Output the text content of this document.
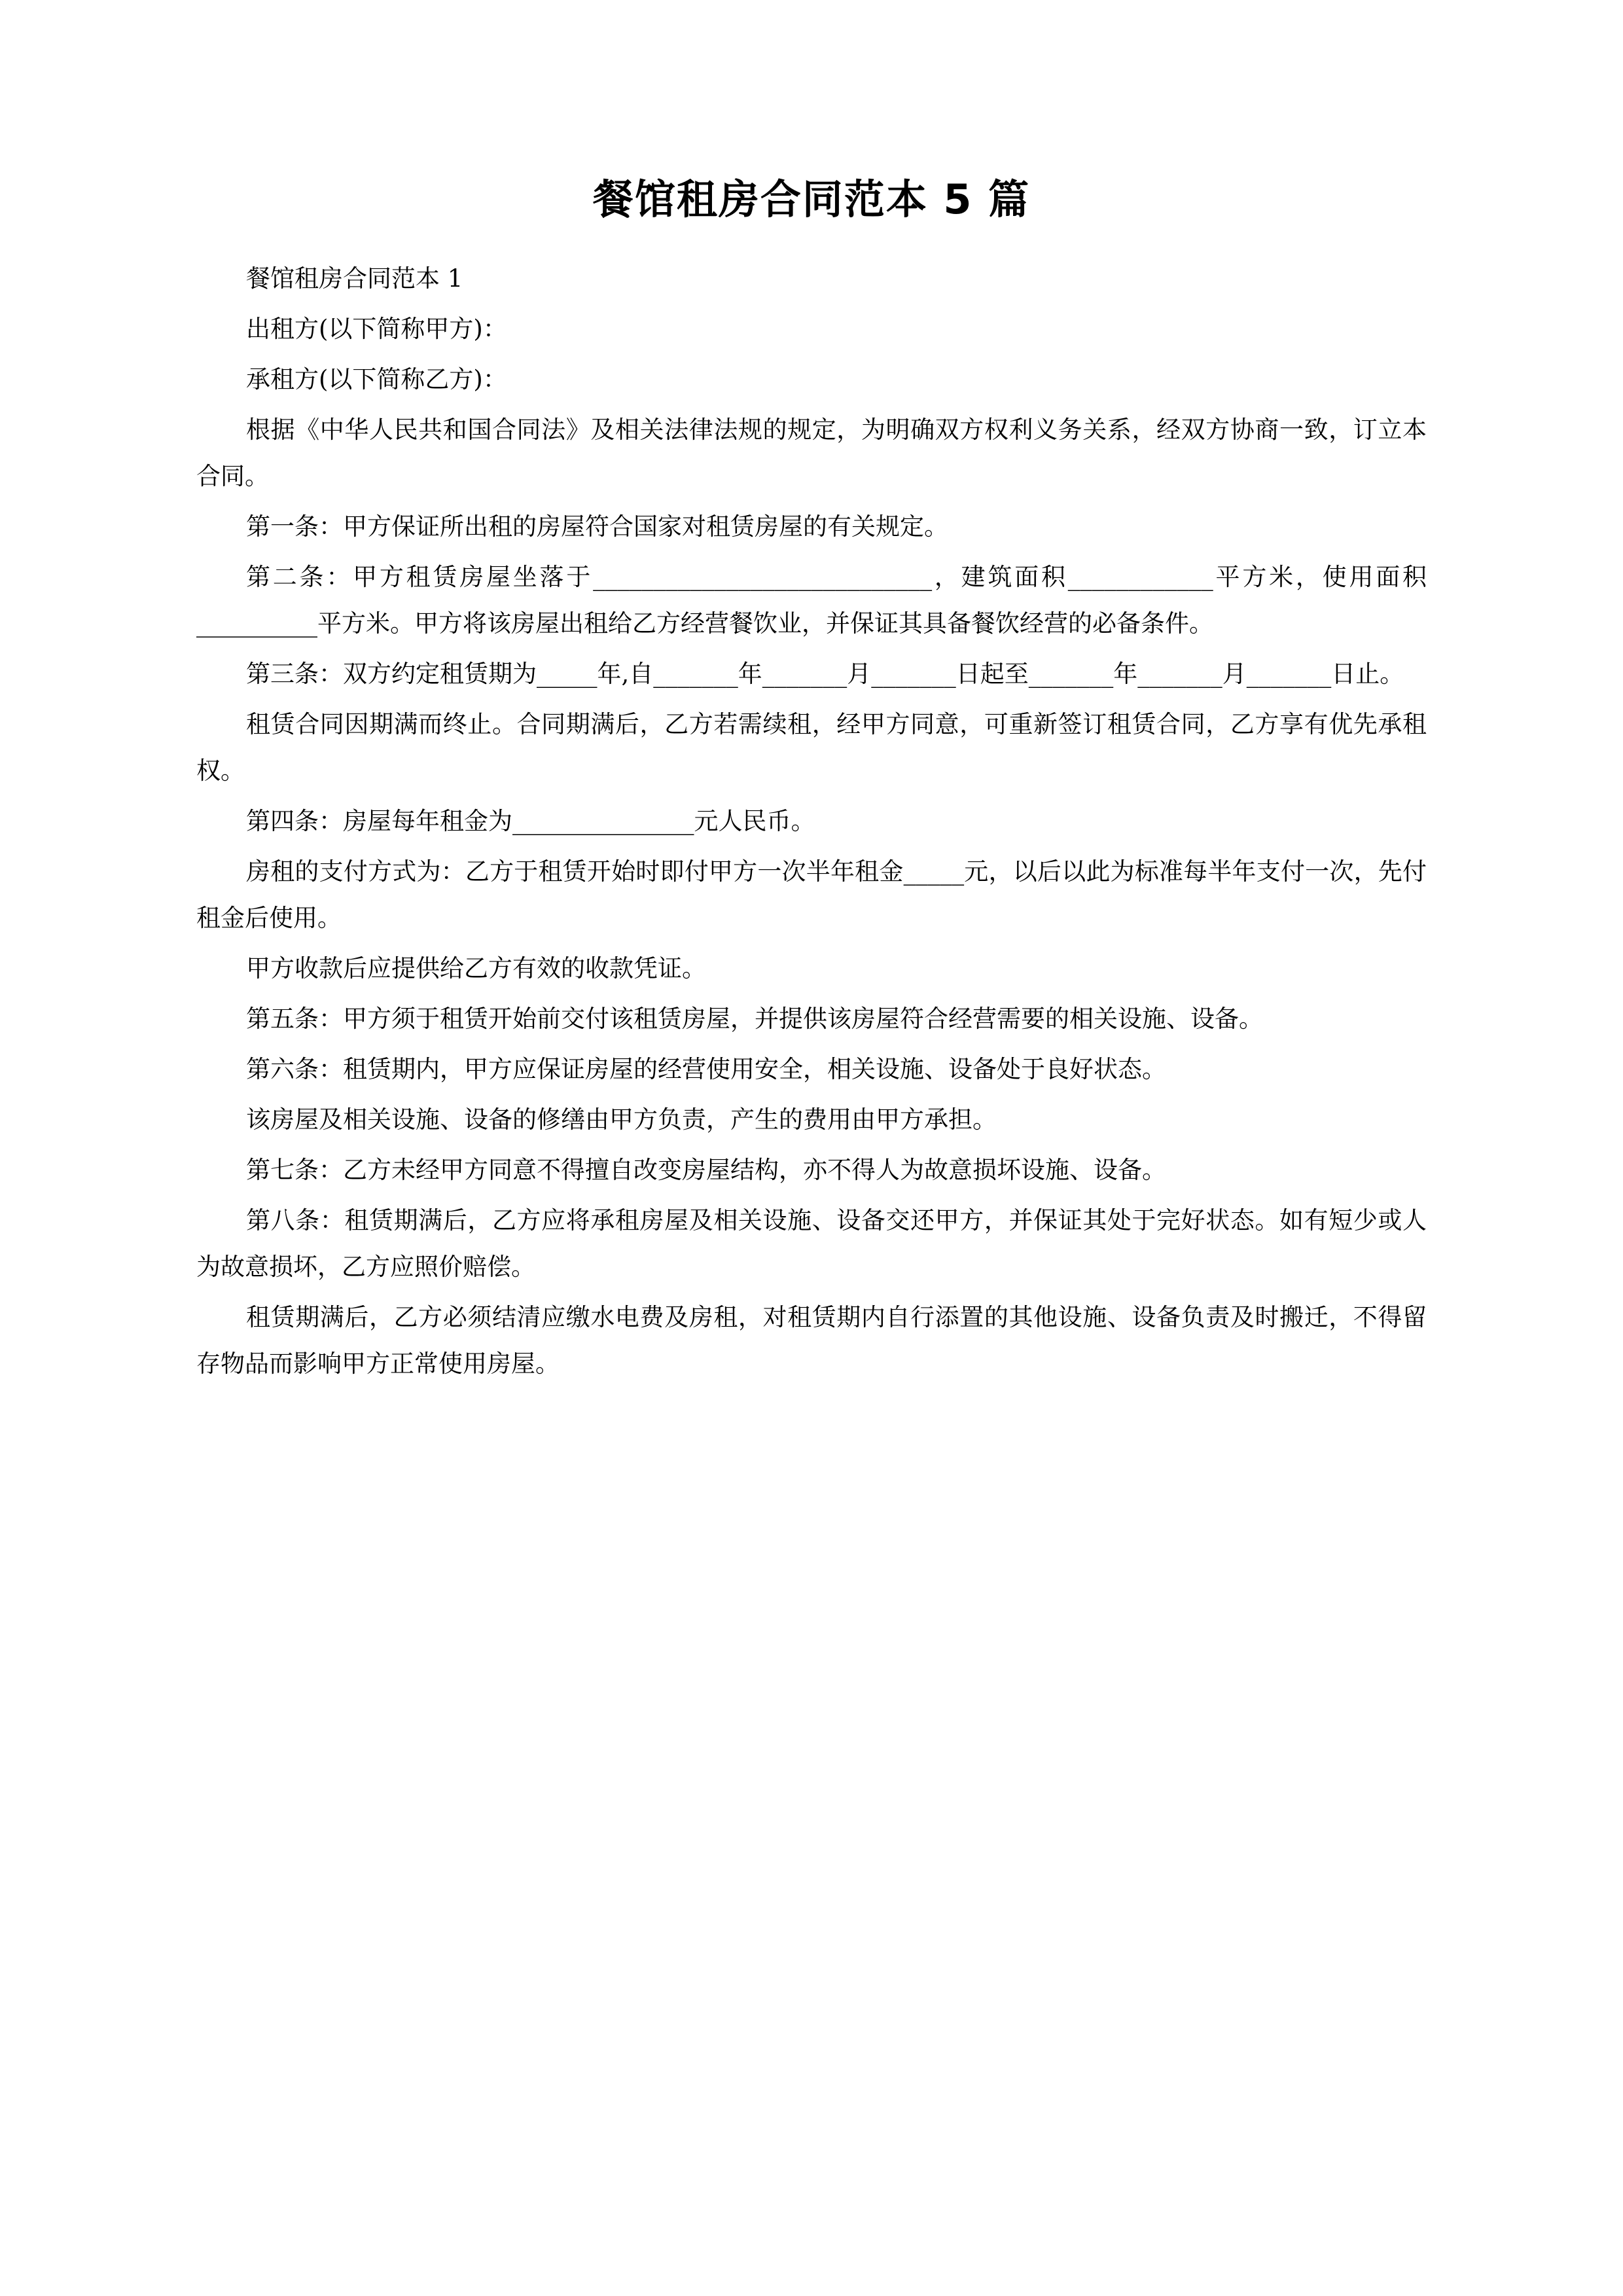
餐馆租房合同范本 5 篇

餐馆租房合同范本 1

出租方(以下简称甲方)：

承租方(以下简称乙方)：

根据《中华人民共和国合同法》及相关法律法规的规定，为明确双方权利义务关系，经双方协商一致，订立本合同。

第一条：甲方保证所出租的房屋符合国家对租赁房屋的有关规定。

第二条：甲方租赁房屋坐落于____________________________，建筑面积____________平方米，使用面积__________平方米。甲方将该房屋出租给乙方经营餐饮业，并保证其具备餐饮经营的必备条件。

第三条：双方约定租赁期为_____年,自_______年_______月_______日起至_______年_______月_______日止。

租赁合同因期满而终止。合同期满后，乙方若需续租，经甲方同意，可重新签订租赁合同，乙方享有优先承租权。

第四条：房屋每年租金为_______________元人民币。

房租的支付方式为：乙方于租赁开始时即付甲方一次半年租金_____元，以后以此为标准每半年支付一次，先付租金后使用。

甲方收款后应提供给乙方有效的收款凭证。

第五条：甲方须于租赁开始前交付该租赁房屋，并提供该房屋符合经营需要的相关设施、设备。

第六条：租赁期内，甲方应保证房屋的经营使用安全，相关设施、设备处于良好状态。

该房屋及相关设施、设备的修缮由甲方负责，产生的费用由甲方承担。

第七条：乙方未经甲方同意不得擅自改变房屋结构，亦不得人为故意损坏设施、设备。

第八条：租赁期满后，乙方应将承租房屋及相关设施、设备交还甲方，并保证其处于完好状态。如有短少或人为故意损坏，乙方应照价赔偿。

租赁期满后，乙方必须结清应缴水电费及房租，对租赁期内自行添置的其他设施、设备负责及时搬迁，不得留存物品而影响甲方正常使用房屋。
